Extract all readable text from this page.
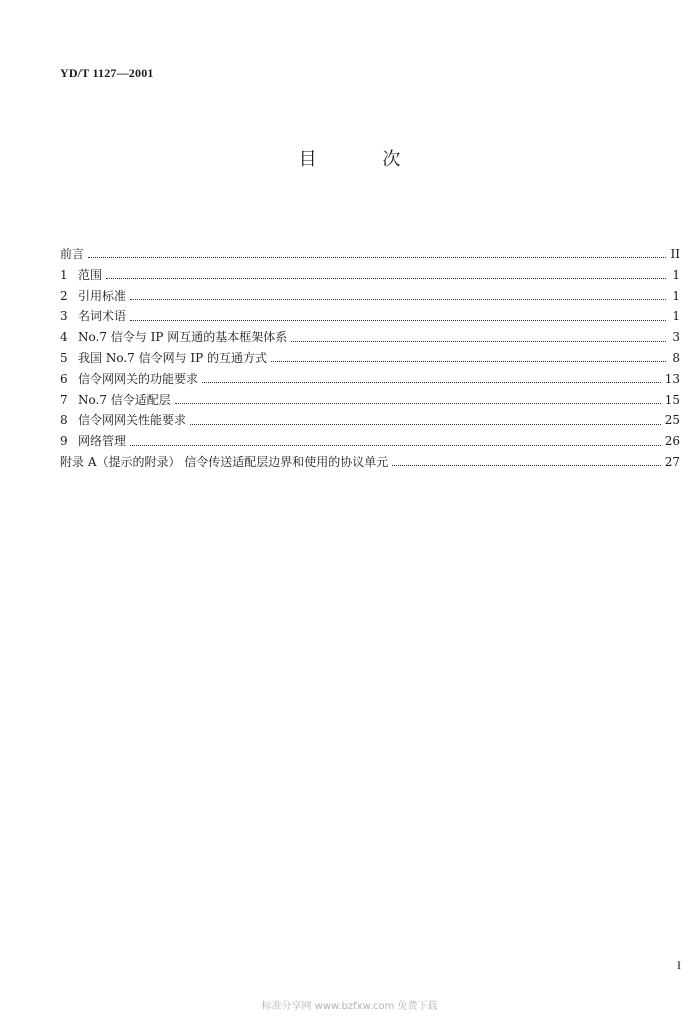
YD/T 1127—2001
目	次
前言	II
1 范围	1
2 引用标准	1
3 名词术语	1
4 No.7 信令与 IP 网互通的基本框架体系	3
5 我国 No.7 信令网与 IP 的互通方式	8
6 信令网网关的功能要求	13
7 No.7 信令适配层	15
8 信令网网关性能要求	25
9 网络管理	26
附录 A（提示的附录） 信令传送适配层边界和使用的协议单元	27
I
标准分享网 www.bzfxw.com 免费下载
